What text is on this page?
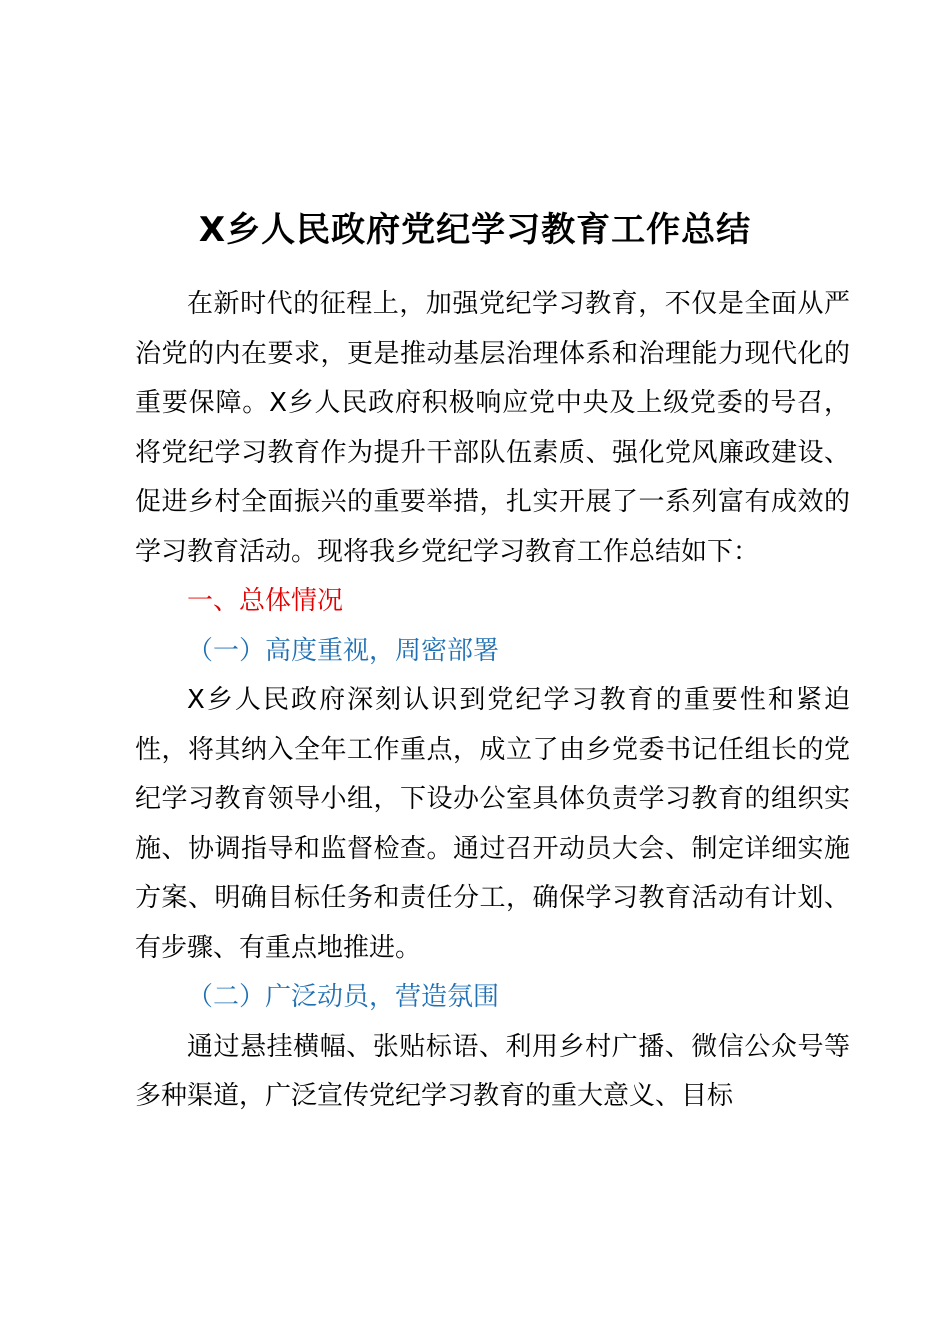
X乡人民政府党纪学习教育工作总结

在新时代的征程上，加强党纪学习教育，不仅是全面从严治党的内在要求，更是推动基层治理体系和治理能力现代化的重要保障。X乡人民政府积极响应党中央及上级党委的号召，将党纪学习教育作为提升干部队伍素质、强化党风廉政建设、促进乡村全面振兴的重要举措，扎实开展了一系列富有成效的学习教育活动。现将我乡党纪学习教育工作总结如下：

一、总体情况

（一）高度重视，周密部署

X乡人民政府深刻认识到党纪学习教育的重要性和紧迫性，将其纳入全年工作重点，成立了由乡党委书记任组长的党纪学习教育领导小组，下设办公室具体负责学习教育的组织实施、协调指导和监督检查。通过召开动员大会、制定详细实施方案、明确目标任务和责任分工，确保学习教育活动有计划、有步骤、有重点地推进。

（二）广泛动员，营造氛围

通过悬挂横幅、张贴标语、利用乡村广播、微信公众号等多种渠道，广泛宣传党纪学习教育的重大意义、目标
